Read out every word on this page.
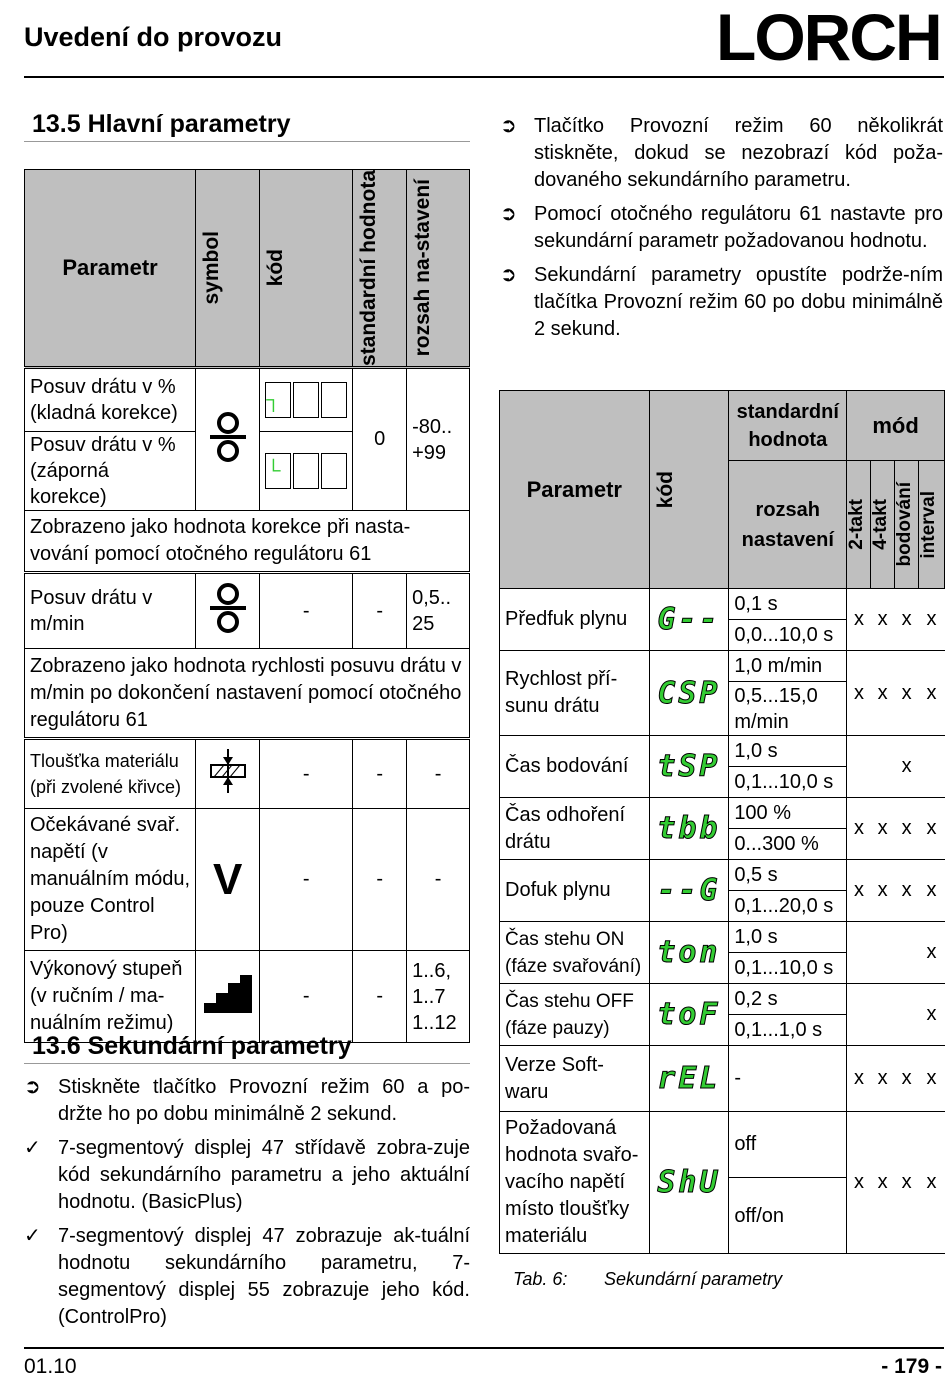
Uvedení do provozu	LORCH
13.5 Hlavní parametry
Parametr	symbol	kód	standardní hodnota	rozsah na-stavení

Posuv drátu v % (kladná korekce)		┐	0	-80.. +99
Posuv drátu v % (záporná korekce)		└		

Zobrazeno jako hodnota korekce při nasta-vování pomocí otočného regulátoru 61				
Posuv drátu v m/min		-	-	0,5.. 25
Zobrazeno jako hodnota rychlosti posuvu drátu v m/min po dokončení nastavení pomocí otočného regulátoru 61				
Tloušťka materiálu (při zvolené křivce)		-	-	-
Očekávané svař. napětí (v manuálním módu, pouze Control Pro)	V	-	-	-
Výkonový stupeň (v ručním / ma-nuálním režimu)		-	-	1..6, 1..7 1..12
13.6 Sekundární parametry
➲ Stiskněte tlačítko Provozní režim 60 a po-držte ho po dobu minimálně 2 sekund.
✓ 7-segmentový displej 47 střídavě zobra-zuje kód sekundárního parametru a jeho aktuální hodnotu. (BasicPlus)
✓ 7-segmentový displej 47 zobrazuje ak-tuální hodnotu sekundárního parametru, 7-segmentový displej 55 zobrazuje jeho kód. (ControlPro)
➲ Tlačítko Provozní režim 60 několikrát stiskněte, dokud se nezobrazí kód poža-dovaného sekundárního parametru.
➲ Pomocí otočného regulátoru 61 nastavte pro sekundární parametr požadovanou hodnotu.
➲ Sekundární parametry opustíte podrže-ním tlačítka Provozní režim 60 po dobu minimálně 2 sekund.
Parametr	kód	standardní hodnota	mód			
		rozsah nastavení	2-takt	4-takt	bodování	interval

Předfuk plynu	G--	0,1 s	x	x	x	x
		0,0...10,0 s				
Rychlost pří-sunu drátu	CSP	1,0 m/min	x	x	x	x
		0,5...15,0 m/min				
Čas bodování	tSP	1,0 s			x	
		0,1...10,0 s				
Čas odhoření drátu	tbb	100 %	x	x	x	x
		0...300 %				
Dofuk plynu	--G	0,5 s	x	x	x	x
		0,1...20,0 s				
Čas stehu ON (fáze svařování)	ton	1,0 s				x
		0,1...10,0 s				
Čas stehu OFF (fáze pauzy)	toF	0,2 s				x
		0,1...1,0 s				
Verze Soft-waru	rEL	-	x	x	x	x
Požadovaná hodnota svařo-vacího napětí místo tloušťky materiálu	ShU	off	x	x	x	x
		off/on				
Tab. 6: Sekundární parametry
01.10	- 179 -
